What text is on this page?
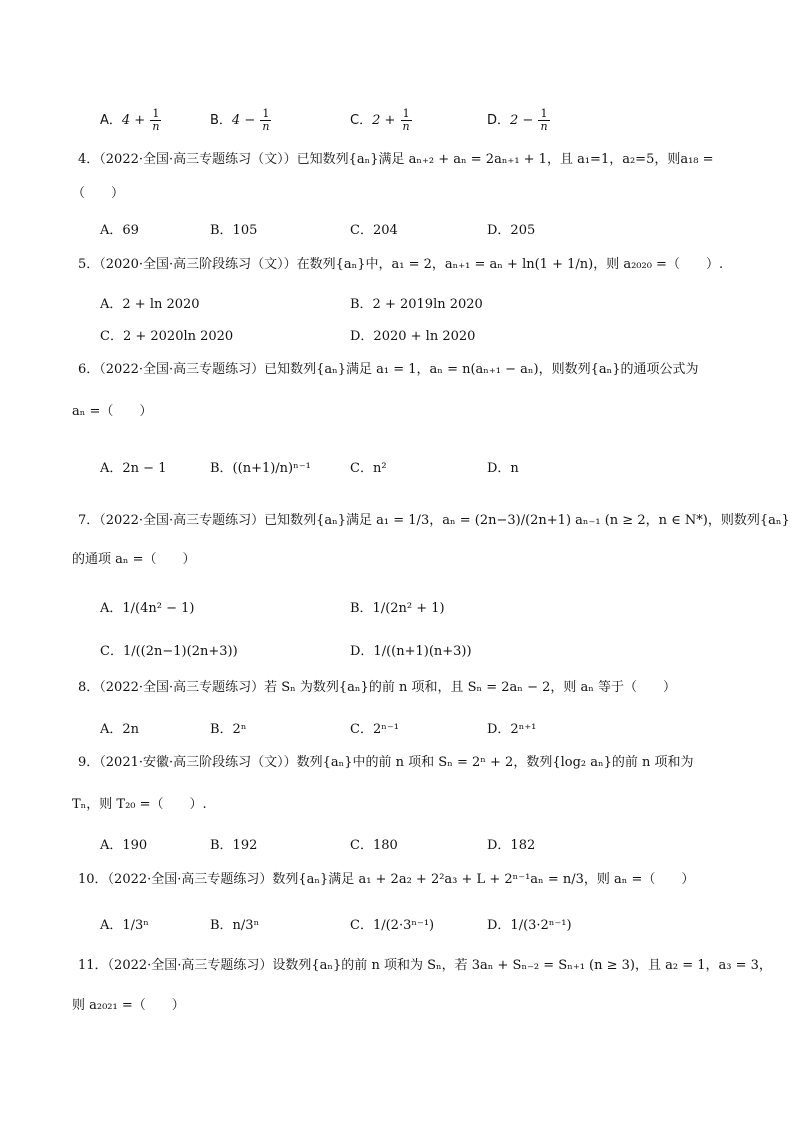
A．$4 + \frac{1}{n}$	B．$4 - \frac{1}{n}$	C．$2 + \frac{1}{n}$	D．$2 - \frac{1}{n}$
4．（2022·全国·高三专题练习（文））已知数列{aₙ}满足 aₙ₊₂ + aₙ = 2aₙ₊₁ + 1，且 a₁=1，a₂=5，则a₁₈ =
（　　）
A．69	B．105	C．204	D．205
5．（2020·全国·高三阶段练习（文））在数列{aₙ}中，a₁ = 2，aₙ₊₁ = aₙ + ln(1 + 1/n)，则 a₂₀₂₀ =（　　）.
A．2 + ln 2020	B．2 + 2019ln 2020
C．2 + 2020ln 2020	D．2020 + ln 2020
6．（2022·全国·高三专题练习）已知数列{aₙ}满足 a₁ = 1，aₙ = n(aₙ₊₁ − aₙ)，则数列{aₙ}的通项公式为
aₙ =（　　）
A．2n − 1	B．((n+1)/n)ⁿ⁻¹	C．n²	D．n
7．（2022·全国·高三专题练习）已知数列{aₙ}满足 a₁ = 1/3，aₙ = (2n−3)/(2n+1) aₙ₋₁ (n ≥ 2，n ∈ N*)，则数列{aₙ}
的通项 aₙ =（　　）
A．1/(4n² − 1)	B．1/(2n² + 1)
C．1/((2n−1)(2n+3))	D．1/((n+1)(n+3))
8．（2022·全国·高三专题练习）若 Sₙ 为数列{aₙ}的前 n 项和，且 Sₙ = 2aₙ − 2，则 aₙ 等于（　　）
A．2n	B．2ⁿ	C．2ⁿ⁻¹	D．2ⁿ⁺¹
9．（2021·安徽·高三阶段练习（文））数列{aₙ}中的前 n 项和 Sₙ = 2ⁿ + 2，数列{log₂ aₙ}的前 n 项和为
Tₙ，则 T₂₀ =（　　）.
A．190	B．192	C．180	D．182
10．（2022·全国·高三专题练习）数列{aₙ}满足 a₁ + 2a₂ + 2²a₃ + L + 2ⁿ⁻¹aₙ = n/3，则 aₙ =（　　）
A．1/3ⁿ	B．n/3ⁿ	C．1/(2·3ⁿ⁻¹)	D．1/(3·2ⁿ⁻¹)
11．（2022·全国·高三专题练习）设数列{aₙ}的前 n 项和为 Sₙ，若 3aₙ + Sₙ₋₂ = Sₙ₊₁ (n ≥ 3)，且 a₂ = 1，a₃ = 3，
则 a₂₀₂₁ =（　　）
